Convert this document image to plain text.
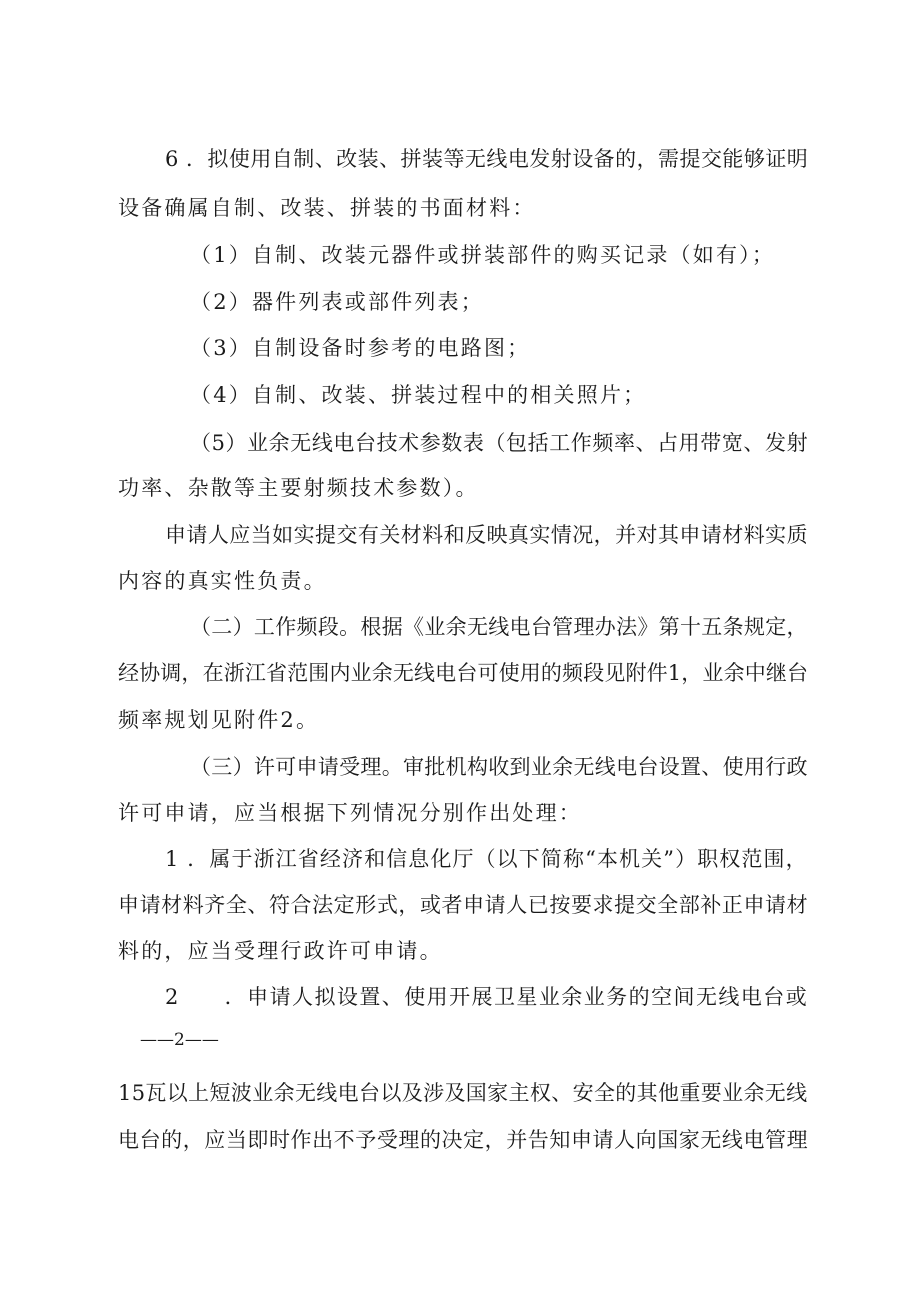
6 ．拟使用自制、改装、拼装等无线电发射设备的，需提交能够证明
设备确属自制、改装、拼装的书面材料：
（1）自制、改装元器件或拼装部件的购买记录（如有）；
（2）器件列表或部件列表；
（3）自制设备时参考的电路图；
（4）自制、改装、拼装过程中的相关照片；
（5）业余无线电台技术参数表（包括工作频率、占用带宽、发射
功率、杂散等主要射频技术参数）。
申请人应当如实提交有关材料和反映真实情况，并对其申请材料实质
内容的真实性负责。
（二）工作频段。根据《业余无线电台管理办法》第十五条规定，
经协调，在浙江省范围内业余无线电台可使用的频段见附件1，业余中继台
频率规划见附件2。
（三）许可申请受理。审批机构收到业余无线电台设置、使用行政
许可申请，应当根据下列情况分别作出处理：
1 ．属于浙江省经济和信息化厅（以下简称“本机关”）职权范围，
申请材料齐全、符合法定形式，或者申请人已按要求提交全部补正申请材
料的，应当受理行政许可申请。
2　　．申请人拟设置、使用开展卫星业余业务的空间无线电台或
——2——
15瓦以上短波业余无线电台以及涉及国家主权、安全的其他重要业余无线
电台的，应当即时作出不予受理的决定，并告知申请人向国家无线电管理
